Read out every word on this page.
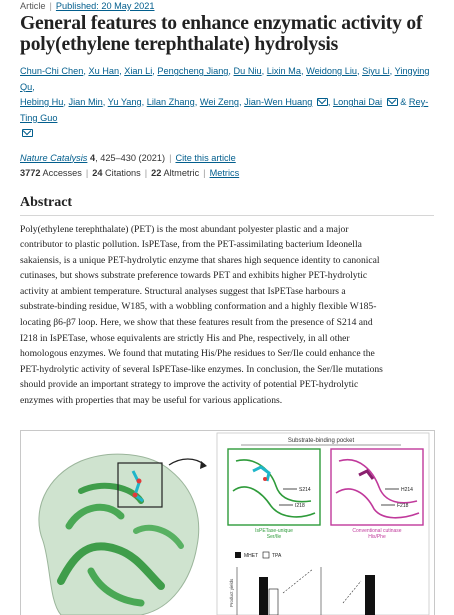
Article | Published: 20 May 2021
General features to enhance enzymatic activity of poly(ethylene terephthalate) hydrolysis
Chun-Chi Chen, Xu Han, Xian Li, Pengcheng Jiang, Du Niu, Lixin Ma, Weidong Liu, Siyu Li, Yingying Qu,
Hebing Hu, Jian Min, Yu Yang, Lilan Zhang, Wei Zeng, Jian-Wen Huang , Longhai Dai  & Rey-Ting Guo

Nature Catalysis 4, 425–430 (2021) | Cite this article
3772 Accesses | 24 Citations | 22 Altmetric | Metrics
Abstract
Poly(ethylene terephthalate) (PET) is the most abundant polyester plastic and a major
contributor to plastic pollution. IsPETase, from the PET-assimilating bacterium Ideonella
sakaiensis, is a unique PET-hydrolytic enzyme that shares high sequence identity to canonical
cutinases, but shows substrate preference towards PET and exhibits higher PET-hydrolytic
activity at ambient temperature. Structural analyses suggest that IsPETase harbours a
substrate-binding residue, W185, with a wobbling conformation and a highly flexible W185-
locating β6-β7 loop. Here, we show that these features result from the presence of S214 and
I218 in IsPETase, whose equivalents are strictly His and Phe, respectively, in all other
homologous enzymes. We found that mutating His/Phe residues to Ser/Ile could enhance the
PET-hydrolytic activity of several IsPETase-like enzymes. In conclusion, the Ser/Ile mutations
should provide an important strategy to improve the activity of potential PET-hydrolytic
enzymes with properties that may be useful for various applications.
Substrate-binding pocket
S214
I218
IsPETase-unique
Ser/Ile
H214
F218
Conventional cutinase
His/Phe
MHET	TPA
Product yields
